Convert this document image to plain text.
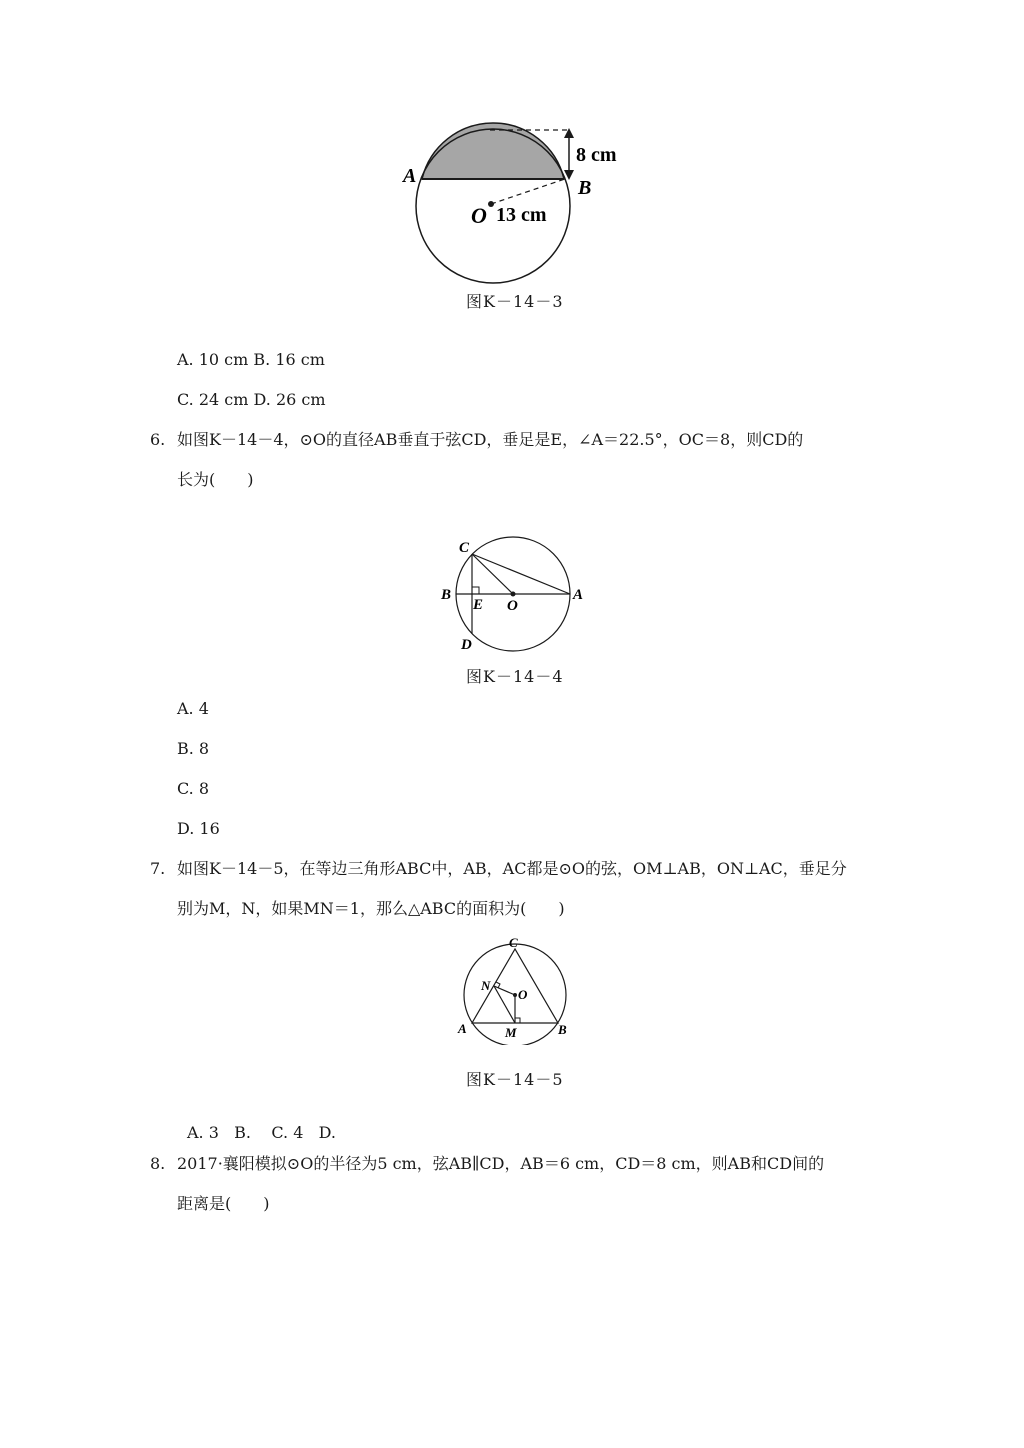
A
B
O 13 cm
8 cm
图K－14－3
A. 10 cm B. 16 cm
C. 24 cm D. 26 cm
6. 如图K－14－4，⊙O的直径AB垂直于弦CD，垂足是E，∠A＝22.5°，OC＝8，则CD的
长为(　　)
C
B
E O
A
D
图K－14－4
A. 4
B. 8
C. 8
D. 16
7. 如图K－14－5，在等边三角形ABC中，AB，AC都是⊙O的弦，OM⊥AB，ON⊥AC，垂足分
别为M，N，如果MN＝1，那么△ABC的面积为(　　)
C
N
O
A	M	B
图K－14－5
A. 3   B.    C. 4   D.
8. 2017·襄阳模拟⊙O的半径为5 cm，弦AB∥CD，AB＝6 cm，CD＝8 cm，则AB和CD间的
距离是(　　)
